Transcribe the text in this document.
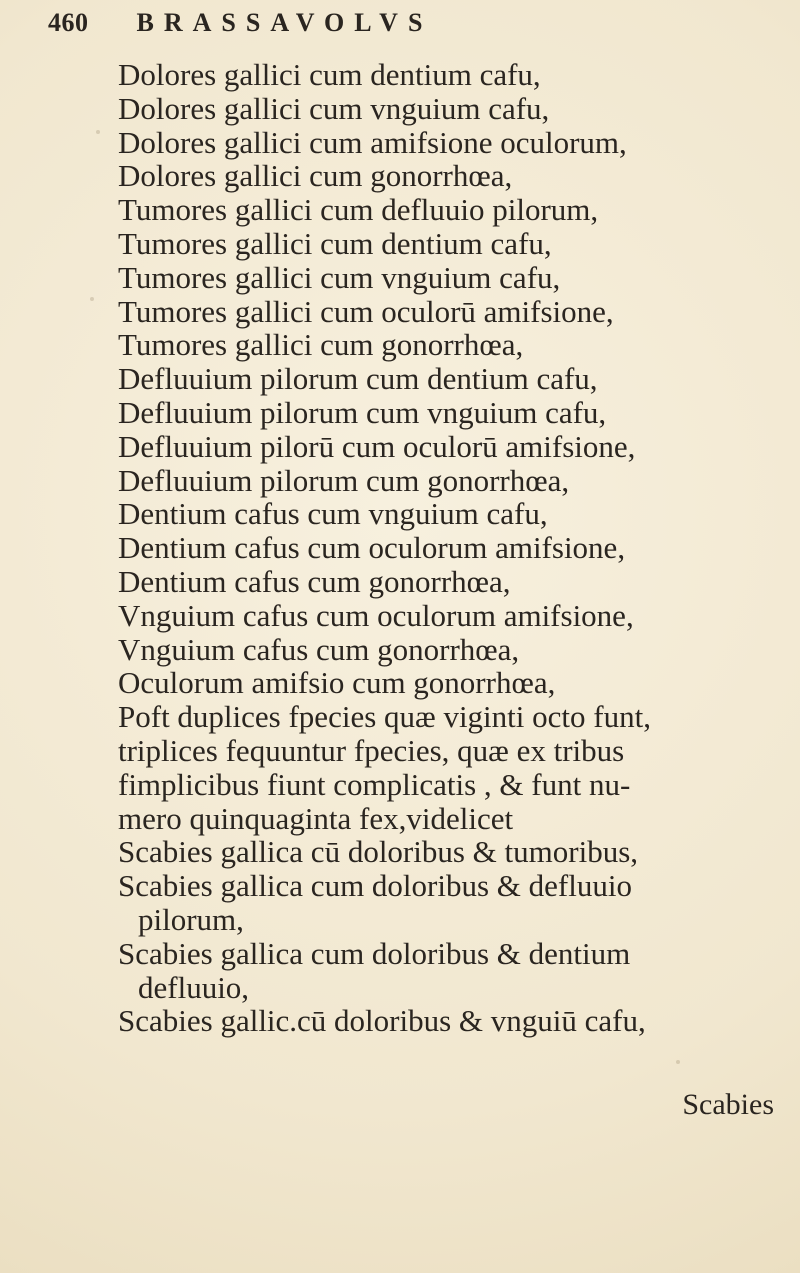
460 BRASSAVOLVS
Dolores gallici cum dentium cafu,
Dolores gallici cum vnguium cafu,
Dolores gallici cum amifsione oculorum,
Dolores gallici cum gonorrhœa,
Tumores gallici cum defluuio pilorum,
Tumores gallici cum dentium cafu,
Tumores gallici cum vnguium cafu,
Tumores gallici cum oculorū amifsione,
Tumores gallici cum gonorrhœa,
Defluuium pilorum cum dentium cafu,
Defluuium pilorum cum vnguium cafu,
Defluuium pilorū cum oculorū amifsione,
Defluuium pilorum cum gonorrhœa,
Dentium cafus cum vnguium cafu,
Dentium cafus cum oculorum amifsione,
Dentium cafus cum gonorrhœa,
Vnguium cafus cum oculorum amifsione,
Vnguium cafus cum gonorrhœa,
Oculorum amifsio cum gonorrhœa,
Poft duplices fpecies quæ viginti octo funt,
triplices fequuntur fpecies, quæ ex tribus
fimplicibus fiunt complicatis , & funt nu-
mero quinquaginta fex,videlicet
Scabies gallica cū doloribus & tumoribus,
Scabies gallica cum doloribus & defluuio
pilorum,
Scabies gallica cum doloribus & dentium
defluuio,
Scabies gallic.cū doloribus & vnguiū cafu,
Scabies
